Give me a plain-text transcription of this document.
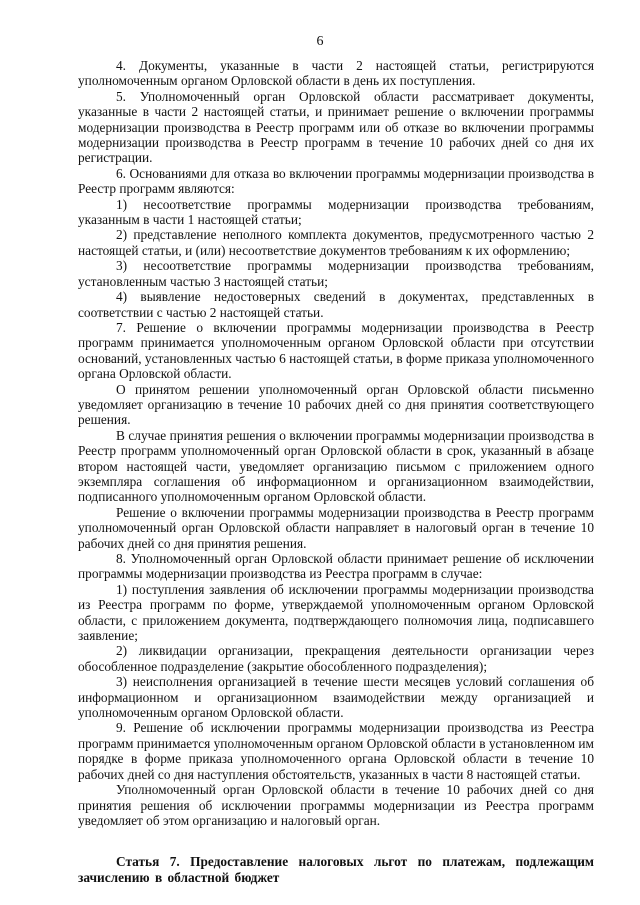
6

4. Документы, указанные в части 2 настоящей статьи, регистрируются уполномоченным органом Орловской области в день их поступления.

5. Уполномоченный орган Орловской области рассматривает документы, указанные в части 2 настоящей статьи, и принимает решение о включении программы модернизации производства в Реестр программ или об отказе во включении программы модернизации производства в Реестр программ в течение 10 рабочих дней со дня их регистрации.

6. Основаниями для отказа во включении программы модернизации производства в Реестр программ являются:

1) несоответствие программы модернизации производства требованиям, указанным в части 1 настоящей статьи;

2) представление неполного комплекта документов, предусмотренного частью 2 настоящей статьи, и (или) несоответствие документов требованиям к их оформлению;

3) несоответствие программы модернизации производства требованиям, установленным частью 3 настоящей статьи;

4) выявление недостоверных сведений в документах, представленных в соответствии с частью 2 настоящей статьи.

7. Решение о включении программы модернизации производства в Реестр программ принимается уполномоченным органом Орловской области при отсутствии оснований, установленных частью 6 настоящей статьи, в форме приказа уполномоченного органа Орловской области.

О принятом решении уполномоченный орган Орловской области письменно уведомляет организацию в течение 10 рабочих дней со дня принятия соответствующего решения.

В случае принятия решения о включении программы модернизации производства в Реестр программ уполномоченный орган Орловской области в срок, указанный в абзаце втором настоящей части, уведомляет организацию письмом с приложением одного экземпляра соглашения об информационном и организационном взаимодействии, подписанного уполномоченным органом Орловской области.

Решение о включении программы модернизации производства в Реестр программ уполномоченный орган Орловской области направляет в налоговый орган в течение 10 рабочих дней со дня принятия решения.

8. Уполномоченный орган Орловской области принимает решение об исключении программы модернизации производства из Реестра программ в случае:

1) поступления заявления об исключении программы модернизации производства из Реестра программ по форме, утверждаемой уполномоченным органом Орловской области, с приложением документа, подтверждающего полномочия лица, подписавшего заявление;

2) ликвидации организации, прекращения деятельности организации через обособленное подразделение (закрытие обособленного подразделения);

3) неисполнения организацией в течение шести месяцев условий соглашения об информационном и организационном взаимодействии между организацией и уполномоченным органом Орловской области.

9. Решение об исключении программы модернизации производства из Реестра программ принимается уполномоченным органом Орловской области в установленном им порядке в форме приказа уполномоченного органа Орловской области в течение 10 рабочих дней со дня наступления обстоятельств, указанных в части 8 настоящей статьи.

Уполномоченный орган Орловской области в течение 10 рабочих дней со дня принятия решения об исключении программы модернизации из Реестра программ уведомляет об этом организацию и налоговый орган.

Статья 7. Предоставление налоговых льгот по платежам, подлежащим зачислению в областной бюджет
